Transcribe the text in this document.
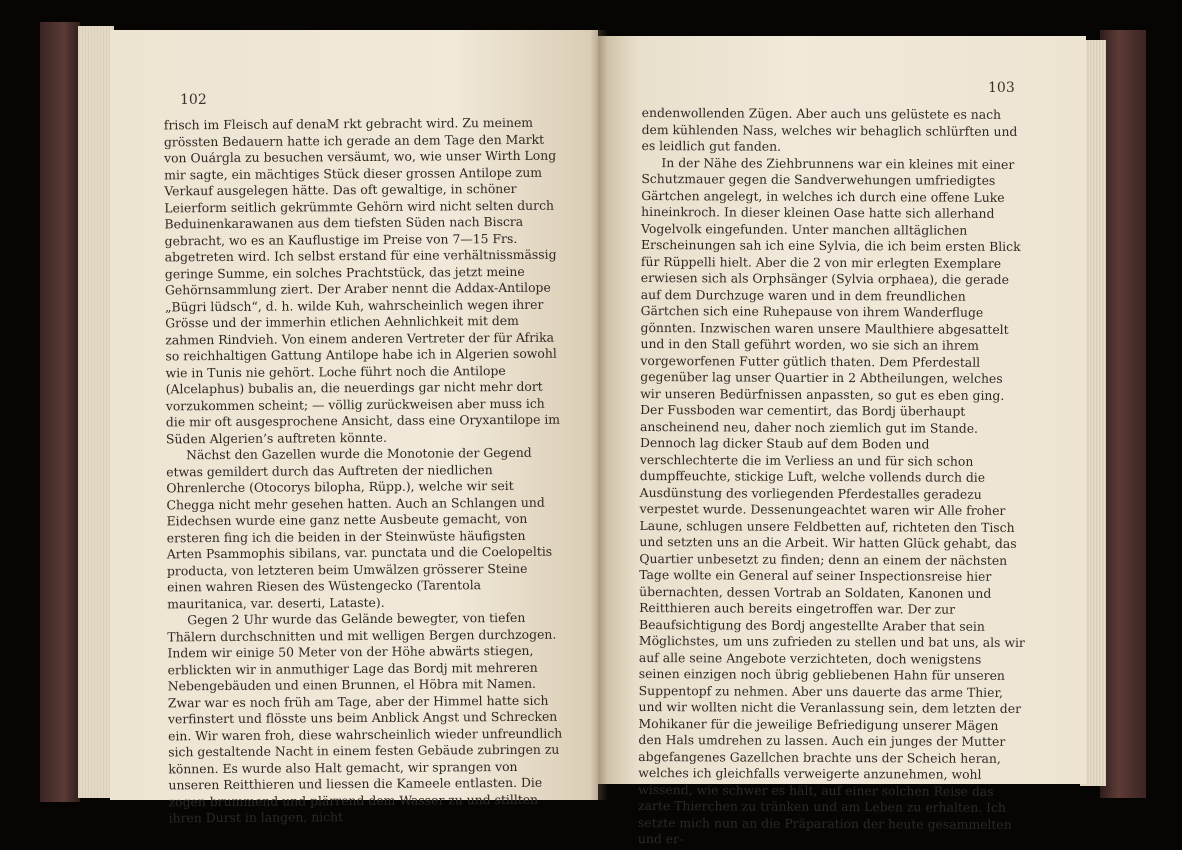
102
103

frisch im Fleisch auf denaM rkt gebracht wird. Zu meinem grössten Bedauern hatte ich gerade an dem Tage den Markt von Ouárgla zu besuchen versäumt, wo, wie unser Wirth Long mir sagte, ein mächtiges Stück dieser grossen Antilope zum Verkauf ausgelegen hätte. Das oft gewaltige, in schöner Leierform seitlich gekrümmte Gehörn wird nicht selten durch Beduinenkarawanen aus dem tiefsten Süden nach Biscra gebracht, wo es an Kauflustige im Preise von 7—15 Frs. abgetreten wird. Ich selbst erstand für eine verhältnissmässig geringe Summe, ein solches Prachtstück, das jetzt meine Gehörnsammlung ziert. Der Araber nennt die Addax-Antilope „Bügri lüdsch“, d. h. wilde Kuh, wahrscheinlich wegen ihrer Grösse und der immerhin etlichen Aehnlichkeit mit dem zahmen Rindvieh. Von einem anderen Vertreter der für Afrika so reichhaltigen Gattung Antilope habe ich in Algerien sowohl wie in Tunis nie gehört. Loche führt noch die Antilope (Alcelaphus) bubalis an, die neuerdings gar nicht mehr dort vorzukommen scheint; — völlig zurückweisen aber muss ich die mir oft ausgesprochene Ansicht, dass eine Oryxantilope im Süden Algerien’s auftreten könnte.

Nächst den Gazellen wurde die Monotonie der Gegend etwas gemildert durch das Auftreten der niedlichen Ohrenlerche (Otocorys bilopha, Rüpp.), welche wir seit Chegga nicht mehr gesehen hatten. Auch an Schlangen und Eidechsen wurde eine ganz nette Ausbeute gemacht, von ersteren fing ich die beiden in der Steinwüste häufigsten Arten Psammophis sibilans, var. punctata und die Coelopeltis producta, von letzteren beim Umwälzen grösserer Steine einen wahren Riesen des Wüstengecko (Tarentola mauritanica, var. deserti, Lataste).

Gegen 2 Uhr wurde das Gelände bewegter, von tiefen Thälern durchschnitten und mit welligen Bergen durchzogen. Indem wir einige 50 Meter von der Höhe abwärts stiegen, erblickten wir in anmuthiger Lage das Bordj mit mehreren Nebengebäuden und einen Brunnen, el Höbra mit Namen. Zwar war es noch früh am Tage, aber der Himmel hatte sich verfinstert und flösste uns beim Anblick Angst und Schrecken ein. Wir waren froh, diese wahrscheinlich wieder unfreundlich sich gestaltende Nacht in einem festen Gebäude zubringen zu können. Es wurde also Halt gemacht, wir sprangen von unseren Reitthieren und liessen die Kameele entlasten. Die zogen brummend und plärrend dem Wasser zu und stillten ihren Durst in langen, nicht

endenwollenden Zügen. Aber auch uns gelüstete es nach dem kühlenden Nass, welches wir behaglich schlürften und es leidlich gut fanden.

In der Nähe des Ziehbrunnens war ein kleines mit einer Schutzmauer gegen die Sandverwehungen umfriedigtes Gärtchen angelegt, in welches ich durch eine offene Luke hineinkroch. In dieser kleinen Oase hatte sich allerhand Vogelvolk eingefunden. Unter manchen alltäglichen Erscheinungen sah ich eine Sylvia, die ich beim ersten Blick für Rüppelli hielt. Aber die 2 von mir erlegten Exemplare erwiesen sich als Orphsänger (Sylvia orphaea), die gerade auf dem Durchzuge waren und in dem freundlichen Gärtchen sich eine Ruhepause von ihrem Wanderfluge gönnten. Inzwischen waren unsere Maulthiere abgesattelt und in den Stall geführt worden, wo sie sich an ihrem vorgeworfenen Futter gütlich thaten. Dem Pferdestall gegenüber lag unser Quartier in 2 Abtheilungen, welches wir unseren Bedürfnissen anpassten, so gut es eben ging. Der Fussboden war cementirt, das Bordj überhaupt anscheinend neu, daher noch ziemlich gut im Stande. Dennoch lag dicker Staub auf dem Boden und verschlechterte die im Verliess an und für sich schon dumpffeuchte, stickige Luft, welche vollends durch die Ausdünstung des vorliegenden Pferdestalles geradezu verpestet wurde. Dessenungeachtet waren wir Alle froher Laune, schlugen unsere Feldbetten auf, richteten den Tisch und setzten uns an die Arbeit. Wir hatten Glück gehabt, das Quartier unbesetzt zu finden; denn an einem der nächsten Tage wollte ein General auf seiner Inspectionsreise hier übernachten, dessen Vortrab an Soldaten, Kanonen und Reitthieren auch bereits eingetroffen war. Der zur Beaufsichtigung des Bordj angestellte Araber that sein Möglichstes, um uns zufrieden zu stellen und bat uns, als wir auf alle seine Angebote verzichteten, doch wenigstens seinen einzigen noch übrig gebliebenen Hahn für unseren Suppentopf zu nehmen. Aber uns dauerte das arme Thier, und wir wollten nicht die Veranlassung sein, dem letzten der Mohikaner für die jeweilige Befriedigung unserer Mägen den Hals umdrehen zu lassen. Auch ein junges der Mutter abgefangenes Gazellchen brachte uns der Scheich heran, welches ich gleichfalls verweigerte anzunehmen, wohl wissend, wie schwer es hält, auf einer solchen Reise das zarte Thierchen zu tränken und am Leben zu erhalten. Ich setzte mich nun an die Präparation der heute gesammelten und er-
